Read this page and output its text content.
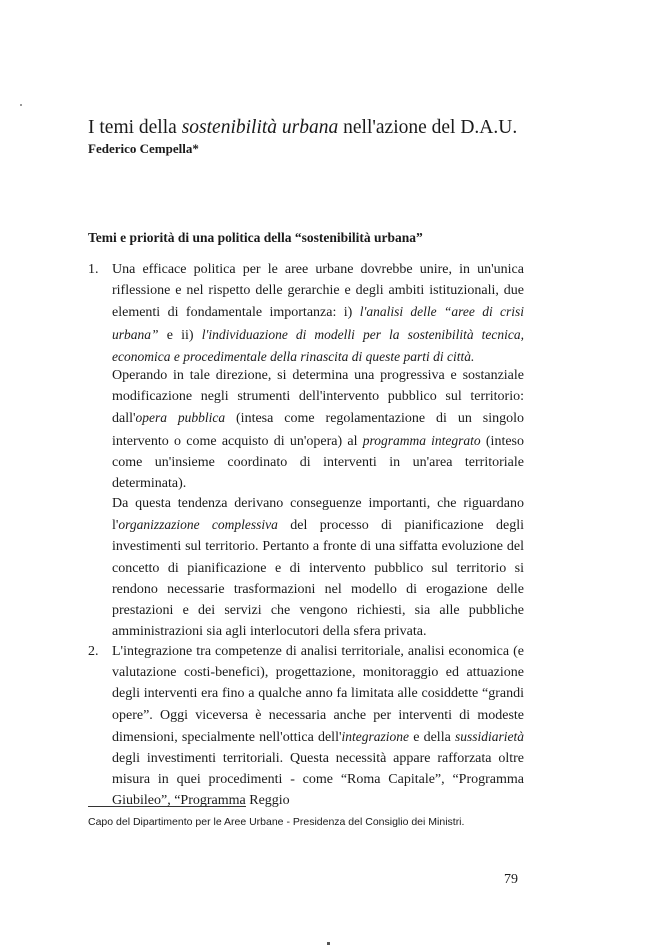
I temi della sostenibilità urbana nell'azione del D.A.U.
Federico Cempella*
Temi e priorità di una politica della “sostenibilità urbana”
1. Una efficace politica per le aree urbane dovrebbe unire, in un'unica riflessione e nel rispetto delle gerarchie e degli ambiti istituzionali, due elementi di fondamentale importanza: i) l'analisi delle “aree di crisi urbana” e ii) l'individuazione di modelli per la sostenibilità tecnica, economica e procedimentale della rinascita di queste parti di città.

Operando in tale direzione, si determina una progressiva e sostanziale modificazione negli strumenti dell'intervento pubblico sul territorio: dall'opera pubblica (intesa come regolamentazione di un singolo intervento o come acquisto di un'opera) al programma integrato (inteso come un'insieme coordinato di interventi in un'area territoriale determinata).

Da questa tendenza derivano conseguenze importanti, che riguardano l'organizzazione complessiva del processo di pianificazione degli investimenti sul territorio. Pertanto a fronte di una siffatta evoluzione del concetto di pianificazione e di intervento pubblico sul territorio si rendono necessarie trasformazioni nel modello di erogazione delle prestazioni e dei servizi che vengono richiesti, sia alle pubbliche amministrazioni sia agli interlocutori della sfera privata.

2. L'integrazione tra competenze di analisi territoriale, analisi economica (e valutazione costi-benefici), progettazione, monitoraggio ed attuazione degli interventi era fino a qualche anno fa limitata alle cosiddette “grandi opere”. Oggi viceversa è necessaria anche per interventi di modeste dimensioni, specialmente nell'ottica dell'integrazione e della sussidiarietà degli investimenti territoriali. Questa necessità appare rafforzata oltre misura in quei procedimenti - come “Roma Capitale”, “Programma Giubileo”, “Programma Reggio

Capo del Dipartimento per le Aree Urbane - Presidenza del Consiglio dei Ministri.
79
